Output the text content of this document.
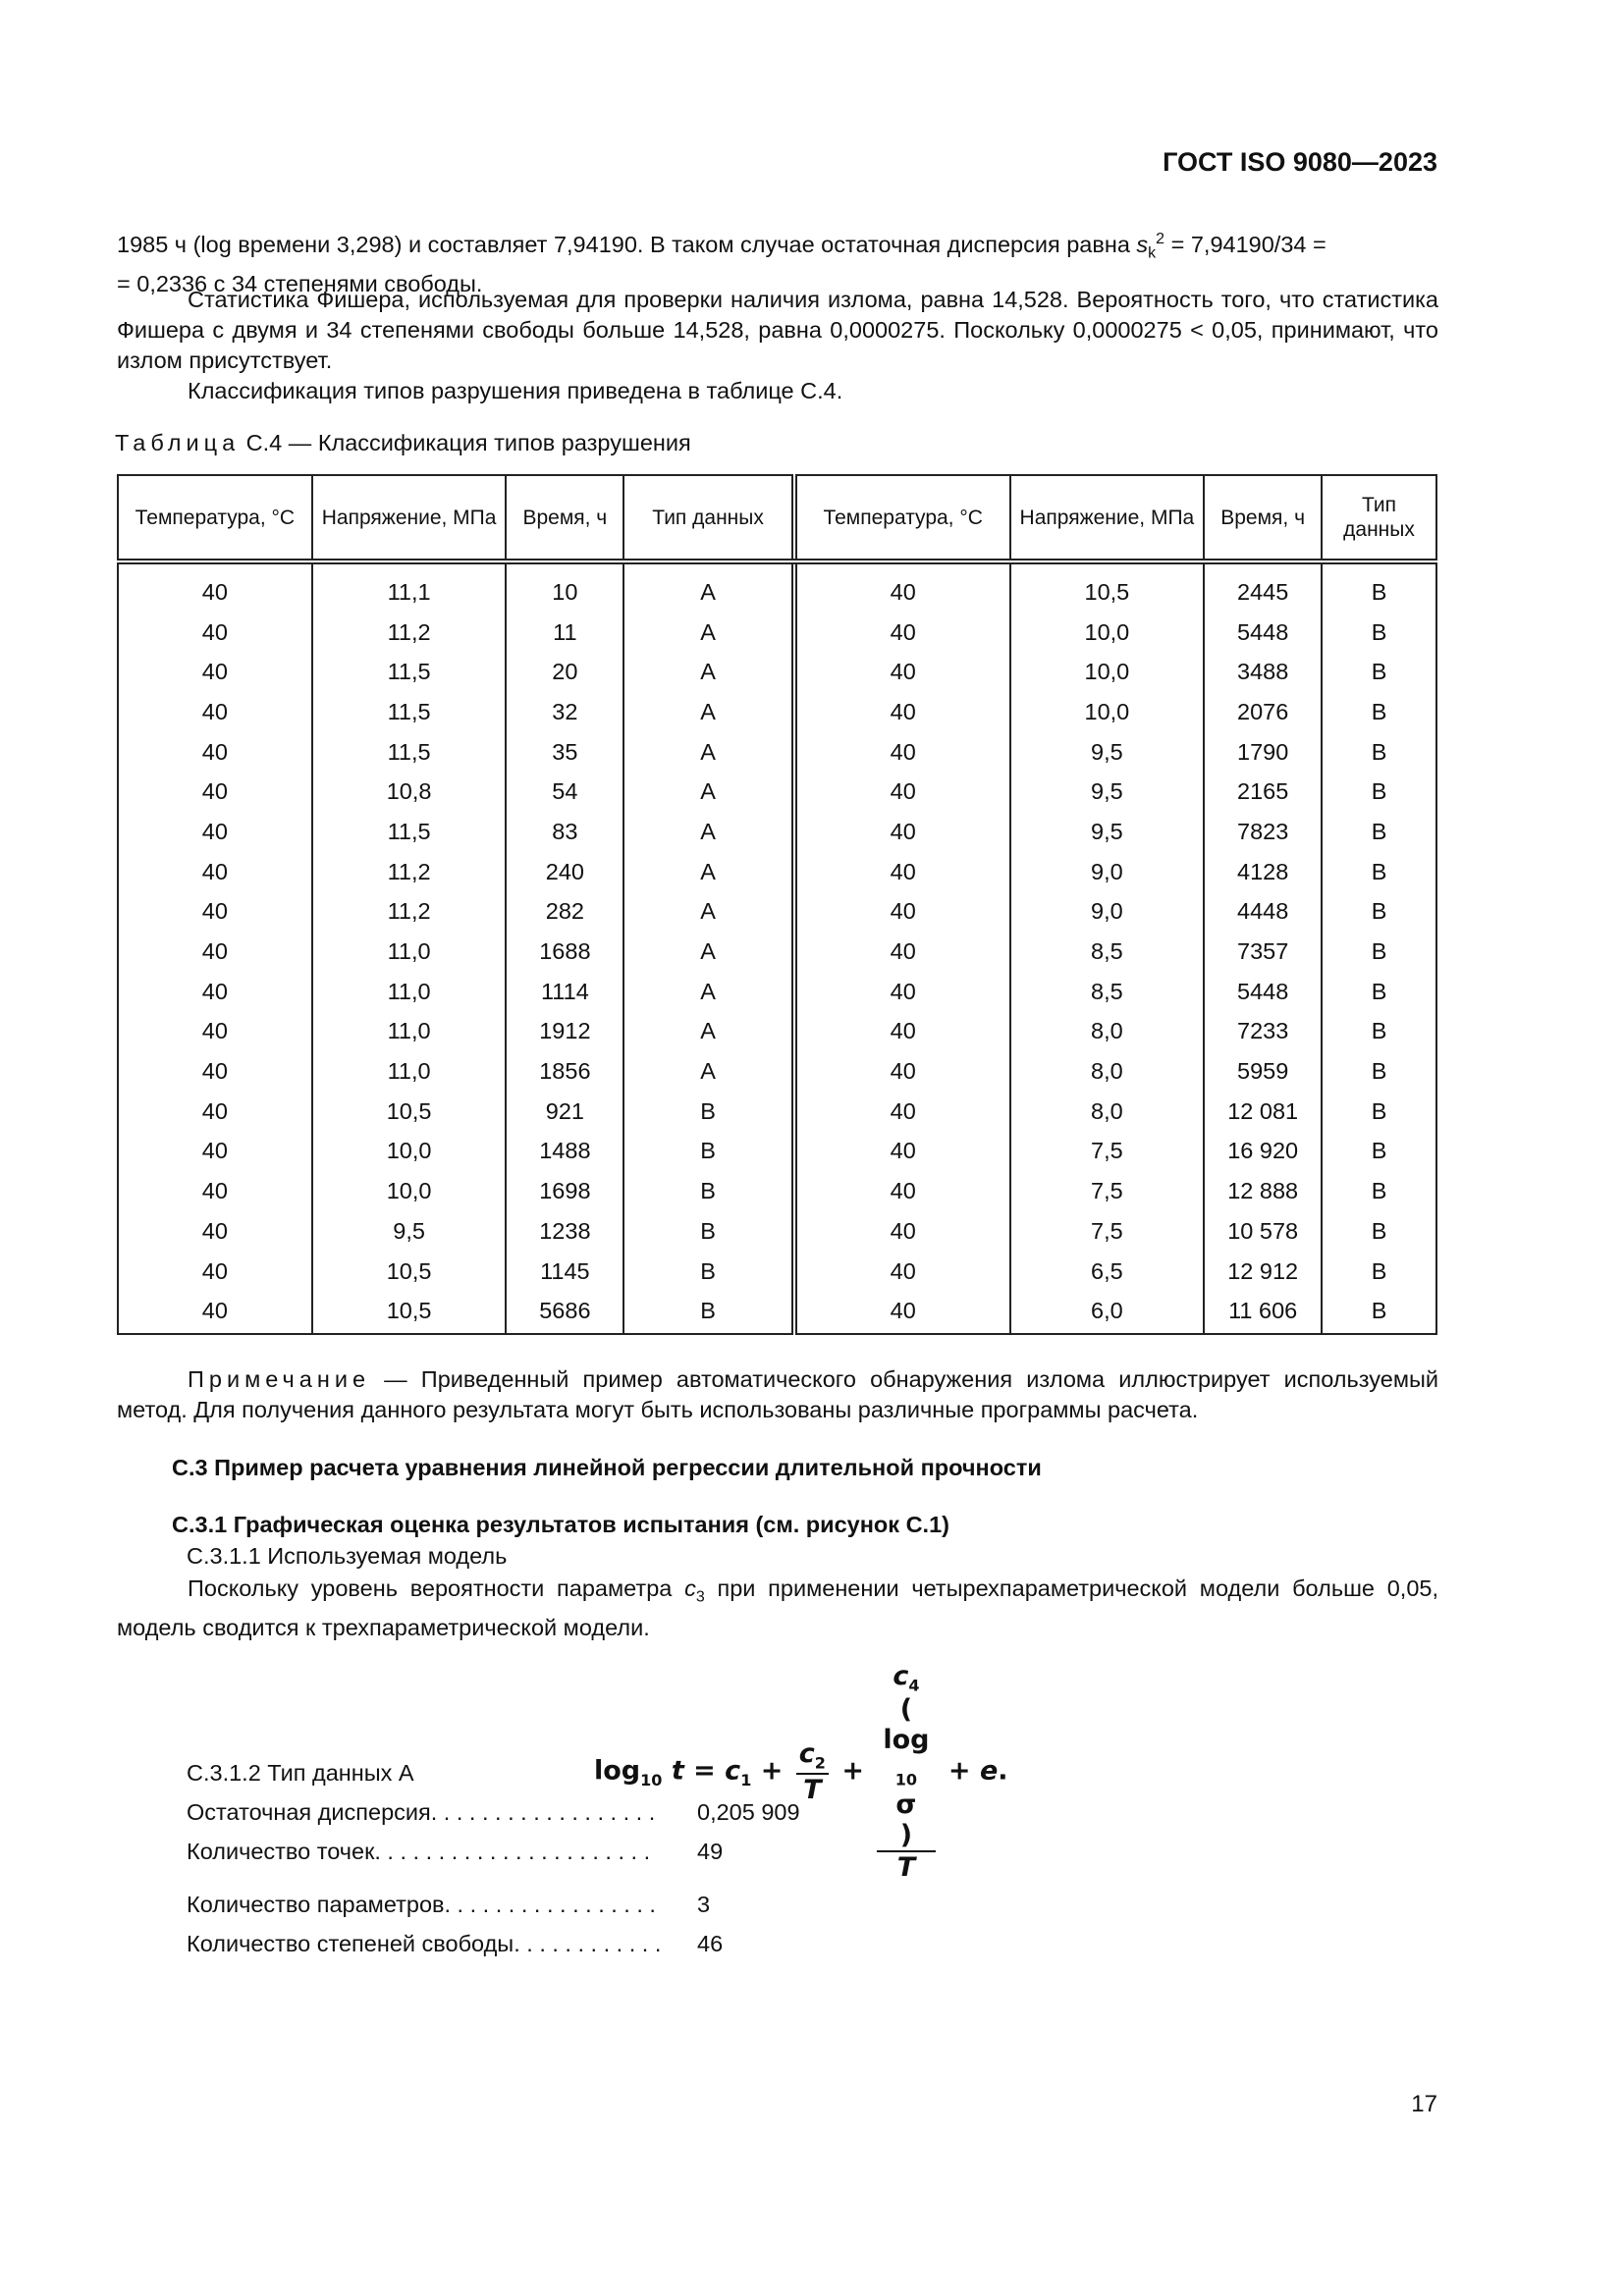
ГОСТ ISO 9080—2023
1985 ч (log времени 3,298) и составляет 7,94190. В таком случае остаточная дисперсия равна $s_k^2 = 7,94190/34$ =
= 0,2336 с 34 степенями свободы.
Статистика Фишера, используемая для проверки наличия излома, равна 14,528. Вероятность того, что статистика Фишера с двумя и 34 степенями свободы больше 14,528, равна 0,0000275. Поскольку 0,0000275 < 0,05, принимают, что излом присутствует.
Классификация типов разрушения приведена в таблице С.4.
Таблица С.4 — Классификация типов разрушения
Температура, °С	Напряжение, МПа	Время, ч	Тип данных	Температура, °С	Напряжение, МПа	Время, ч	Тип данных
40	11,1	10	А	40	10,5	2445	В
40	11,2	11	А	40	10,0	5448	В
40	11,5	20	А	40	10,0	3488	В
40	11,5	32	А	40	10,0	2076	В
40	11,5	35	А	40	9,5	1790	В
40	10,8	54	А	40	9,5	2165	В
40	11,5	83	А	40	9,5	7823	В
40	11,2	240	А	40	9,0	4128	В
40	11,2	282	А	40	9,0	4448	В
40	11,0	1688	А	40	8,5	7357	В
40	11,0	1114	А	40	8,5	5448	В
40	11,0	1912	А	40	8,0	7233	В
40	11,0	1856	А	40	8,0	5959	В
40	10,5	921	В	40	8,0	12 081	В
40	10,0	1488	В	40	7,5	16 920	В
40	10,0	1698	В	40	7,5	12 888	В
40	9,5	1238	В	40	7,5	10 578	В
40	10,5	1145	В	40	6,5	12 912	В
40	10,5	5686	В	40	6,0	11 606	В
Примечание — Приведенный пример автоматического обнаружения излома иллюстрирует используемый метод. Для получения данного результата могут быть использованы различные программы расчета.
С.3 Пример расчета уравнения линейной регрессии длительной прочности
С.3.1 Графическая оценка результатов испытания (см. рисунок С.1)
С.3.1.1 Используемая модель
Поскольку уровень вероятности параметра $c_3$ при применении четырехпараметрической модели больше 0,05, модель сводится к трехпараметрической модели.
$\log_{10} t = c_1 + \frac{c_2}{T} + c_4$
(
log
$_{10}$
σ
)
T + e.
С.3.1.2 Тип данных А
Остаточная дисперсия. . . . . . . . . . . . . . . . . . 0,205 909
Количество точек. . . . . . . . . . . . . . . . . . . . . . 49
Количество параметров. . . . . . . . . . . . . . . . . 3
Количество степеней свободы. . . . . . . . . . . . 46
17
